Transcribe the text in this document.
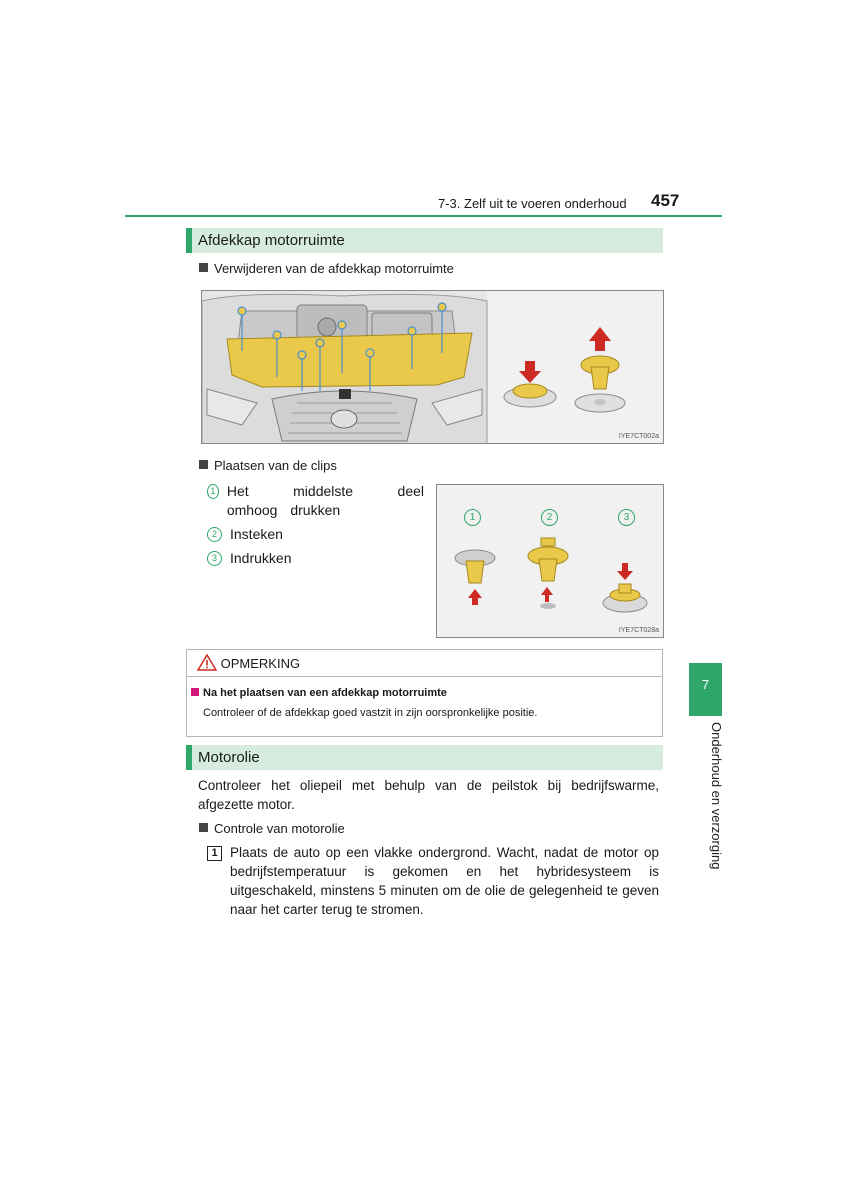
7-3. Zelf uit te voeren onderhoud 457
Afdekkap motorruimte
Verwijderen van de afdekkap motorruimte
IYE7CT002a
Plaatsen van de clips
1 Het middelste deel omhoog drukken
2 Insteken
3 Indrukken
1	2	3
IYE7CT028a
OPMERKING
Na het plaatsen van een afdekkap motorruimte
Controleer of de afdekkap goed vastzit in zijn oorspronkelijke positie.
Motorolie
Controleer het oliepeil met behulp van de peilstok bij bedrijfswarme, afgezette motor.
Controle van motorolie
1 Plaats de auto op een vlakke ondergrond. Wacht, nadat de motor op bedrijfstemperatuur is gekomen en het hybridesysteem is uitgeschakeld, minstens 5 minuten om de olie de gelegenheid te geven naar het carter terug te stromen.
7
Onderhoud en verzorging
